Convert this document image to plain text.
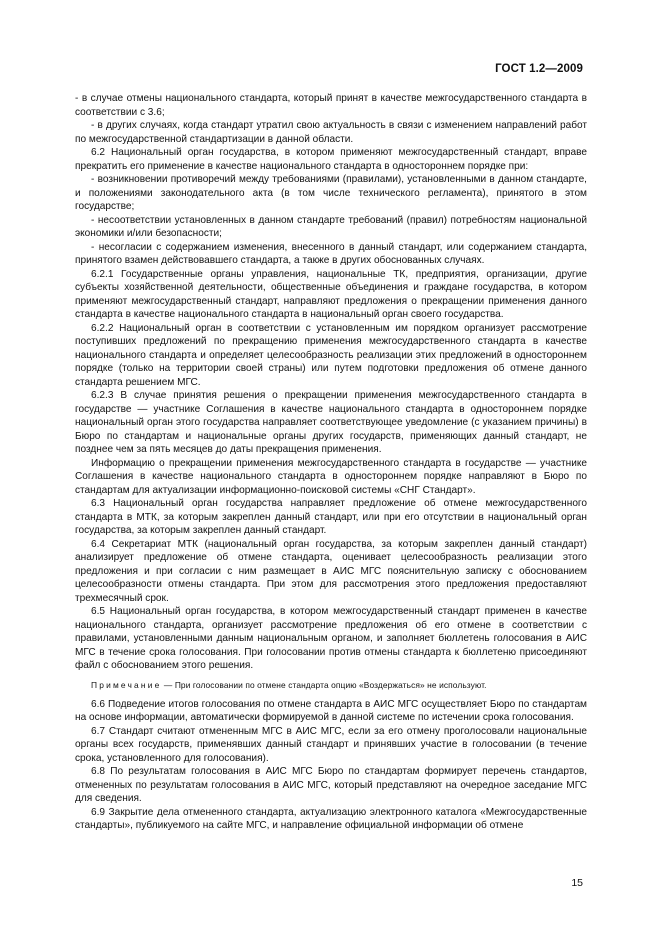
ГОСТ 1.2—2009

- в случае отмены национального стандарта, который принят в качестве межгосударственного стандарта в соответствии с 3.6;

- в других случаях, когда стандарт утратил свою актуальность в связи с изменением направлений работ по межгосударственной стандартизации в данной области.

6.2 Национальный орган государства, в котором применяют межгосударственный стандарт, вправе прекратить его применение в качестве национального стандарта в одностороннем порядке при:

- возникновении противоречий между требованиями (правилами), установленными в данном стандарте, и положениями законодательного акта (в том числе технического регламента), принятого в этом государстве;

- несоответствии установленных в данном стандарте требований (правил) потребностям национальной экономики и/или безопасности;

- несогласии с содержанием изменения, внесенного в данный стандарт, или содержанием стандарта, принятого взамен действовавшего стандарта, а также в других обоснованных случаях.

6.2.1 Государственные органы управления, национальные ТК, предприятия, организации, другие субъекты хозяйственной деятельности, общественные объединения и граждане государства, в котором применяют межгосударственный стандарт, направляют предложения о прекращении применения данного стандарта в качестве национального стандарта в национальный орган своего государства.

6.2.2 Национальный орган в соответствии с установленным им порядком организует рассмотрение поступивших предложений по прекращению применения межгосударственного стандарта в качестве национального стандарта и определяет целесообразность реализации этих предложений в одностороннем порядке (только на территории своей страны) или путем подготовки предложения об отмене данного стандарта решением МГС.

6.2.3 В случае принятия решения о прекращении применения межгосударственного стандарта в государстве — участнике Соглашения в качестве национального стандарта в одностороннем порядке национальный орган этого государства направляет соответствующее уведомление (с указанием причины) в Бюро по стандартам и национальные органы других государств, применяющих данный стандарт, не позднее чем за пять месяцев до даты прекращения применения.

Информацию о прекращении применения межгосударственного стандарта в государстве — участнике Соглашения в качестве национального стандарта в одностороннем порядке направляют в Бюро по стандартам для актуализации информационно-поисковой системы «СНГ Стандарт».

6.3 Национальный орган государства направляет предложение об отмене межгосударственного стандарта в МТК, за которым закреплен данный стандарт, или при его отсутствии в национальный орган государства, за которым закреплен данный стандарт.

6.4 Секретариат МТК (национальный орган государства, за которым закреплен данный стандарт) анализирует предложение об отмене стандарта, оценивает целесообразность реализации этого предложения и при согласии с ним размещает в АИС МГС пояснительную записку с обоснованием целесообразности отмены стандарта. При этом для рассмотрения этого предложения предоставляют трехмесячный срок.

6.5 Национальный орган государства, в котором межгосударственный стандарт применен в качестве национального стандарта, организует рассмотрение предложения об его отмене в соответствии с правилами, установленными данным национальным органом, и заполняет бюллетень голосования в АИС МГС в течение срока голосования. При голосовании против отмены стандарта к бюллетеню присоединяют файл с обоснованием этого решения.

Примечание — При голосовании по отмене стандарта опцию «Воздержаться» не используют.

6.6 Подведение итогов голосования по отмене стандарта в АИС МГС осуществляет Бюро по стандартам на основе информации, автоматически формируемой в данной системе по истечении срока голосования.

6.7 Стандарт считают отмененным МГС в АИС МГС, если за его отмену проголосовали национальные органы всех государств, применявших данный стандарт и принявших участие в голосовании (в течение срока, установленного для голосования).

6.8 По результатам голосования в АИС МГС Бюро по стандартам формирует перечень стандартов, отмененных по результатам голосования в АИС МГС, который представляют на очередное заседание МГС для сведения.

6.9 Закрытие дела отмененного стандарта, актуализацию электронного каталога «Межгосударственные стандарты», публикуемого на сайте МГС, и направление официальной информации об отмене

15
